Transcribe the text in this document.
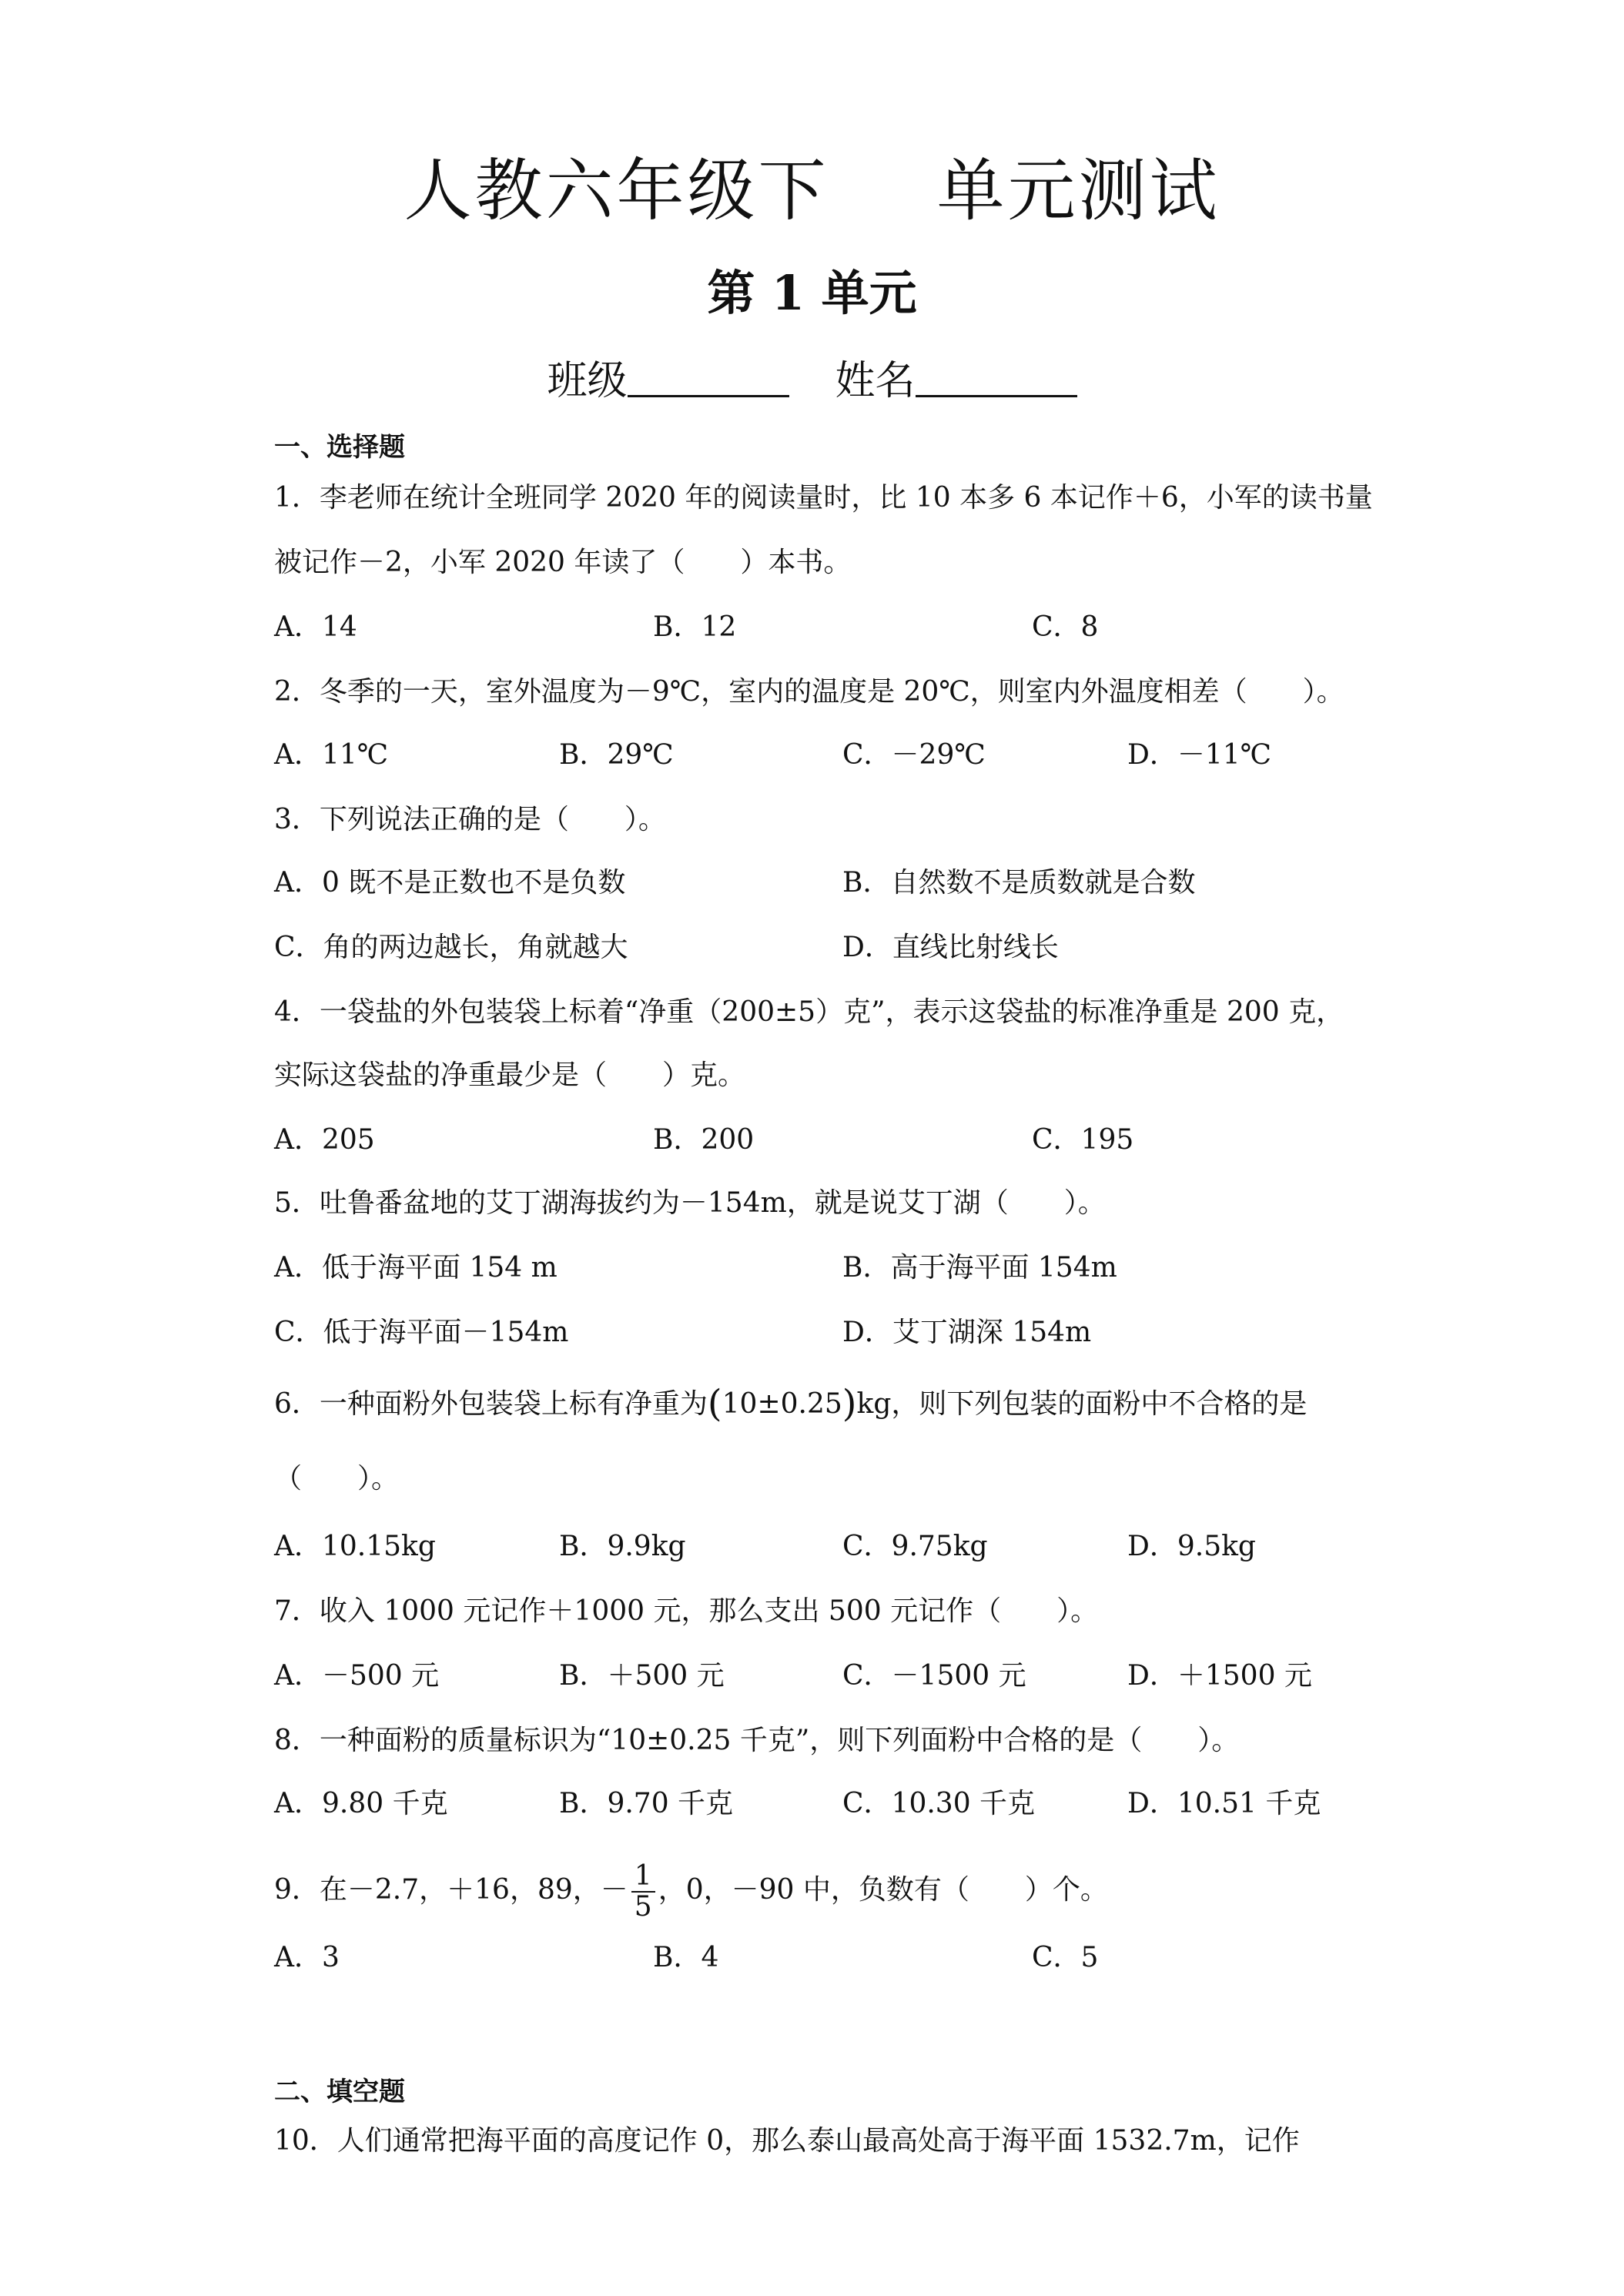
人教六年级下 单元测试
第 1 单元
班级	姓名
一、选择题
1．李老师在统计全班同学 2020 年的阅读量时，比 10 本多 6 本记作＋6，小军的读书量
被记作－2，小军 2020 年读了（　　）本书。
A．14	B．12	C．8
2．冬季的一天，室外温度为－9℃，室内的温度是 20℃，则室内外温度相差（　　）。
A．11℃	B．29℃	C．－29℃	D．－11℃
3．下列说法正确的是（　　）。
A．0 既不是正数也不是负数	B．自然数不是质数就是合数
C．角的两边越长，角就越大	D．直线比射线长
4．一袋盐的外包装袋上标着“净重（200±5）克”，表示这袋盐的标准净重是 200 克，
实际这袋盐的净重最少是（　　）克。
A．205	B．200	C．195
5．吐鲁番盆地的艾丁湖海拔约为－154m，就是说艾丁湖（　　）。
A．低于海平面 154 m	B．高于海平面 154m
C．低于海平面－154m	D．艾丁湖深 154m
6．一种面粉外包装袋上标有净重为(10±0.25)kg，则下列包装的面粉中不合格的是
（　　）。
A．10.15kg	B．9.9kg	C．9.75kg	D．9.5kg
7．收入 1000 元记作＋1000 元，那么支出 500 元记作（　　）。
A．－500 元	B．＋500 元	C．－1500 元	D．＋1500 元
8．一种面粉的质量标识为“10±0.25 千克”，则下列面粉中合格的是（　　）。
A．9.80 千克	B．9.70 千克	C．10.30 千克	D．10.51 千克
9．在－2.7，＋16，89，－ $\frac{1}{5}$ ，0，－90 中，负数有（　　）个。
A．3	B．4	C．5
二、填空题
10．人们通常把海平面的高度记作 0，那么泰山最高处高于海平面 1532.7m，记作
